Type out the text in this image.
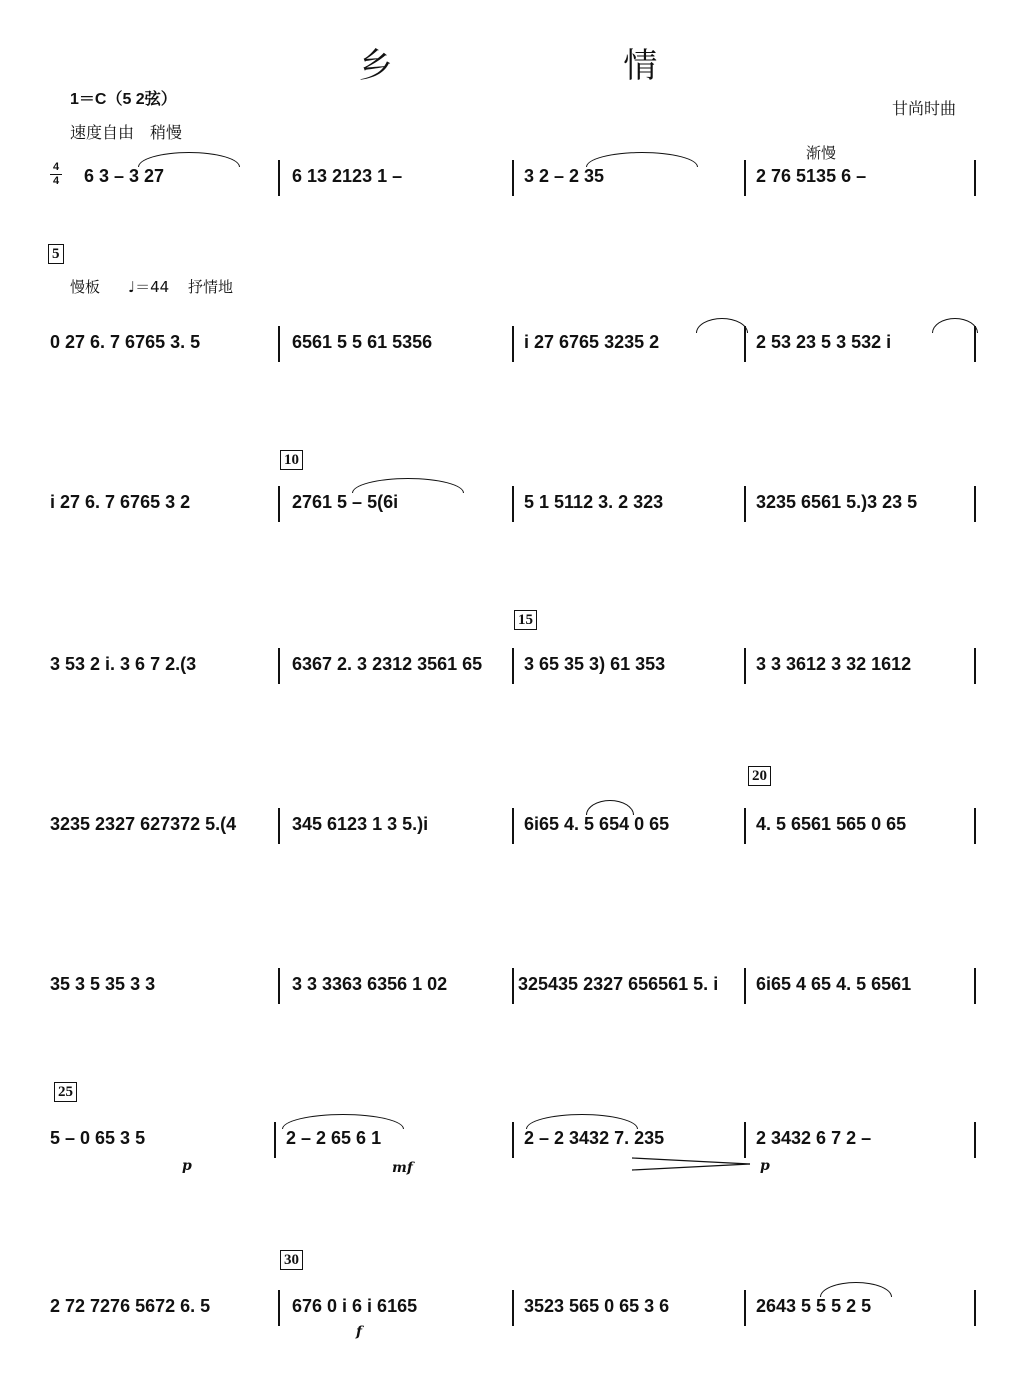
乡 情
1＝C（5 2弦）
速度自由　稍慢
甘尚时曲
4
4
渐慢
6 3 – 3 27	6 13 2123 1 –	3 2 – 2 35	2 76 5135 6 –
5
慢板 ♩＝44 抒情地
0 27 6. 7 6765 3. 5	6561 5 5 61 5356	i 27 6765 3235 2	2 53 23 5 3 532 i
10
i 27 6. 7 6765 3 2	2761 5 – 5(6i	5 1 5112 3. 2 323	3235 6561 5.)3 23 5
15
3 53 2 i. 3 6 7 2.(3	6367 2. 3 2312 3561 65 3 65 35 3) 61 353	3 3 3612 3 32 1612
20
3235 2327 627372 5.(4	345 6123 1 3 5.)i	6i65 4. 5 654 0 65	4. 5 6561 565 0 65
35 3 5 35 3 3	3 3 3363 6356 1 02	325435 2327 656561 5. i 6i65 4 65 4. 5 6561
25
5 – 0 65 3 5	2 – 2 65 6 1	2 – 2 3432 7. 235	2 3432 6 7 2 –
p	mf	p
30
2 72 7276 5672 6. 5	676 0 i 6 i 6165	3523 565 0 65 3 6	2643 5 5 5 2 5
f
